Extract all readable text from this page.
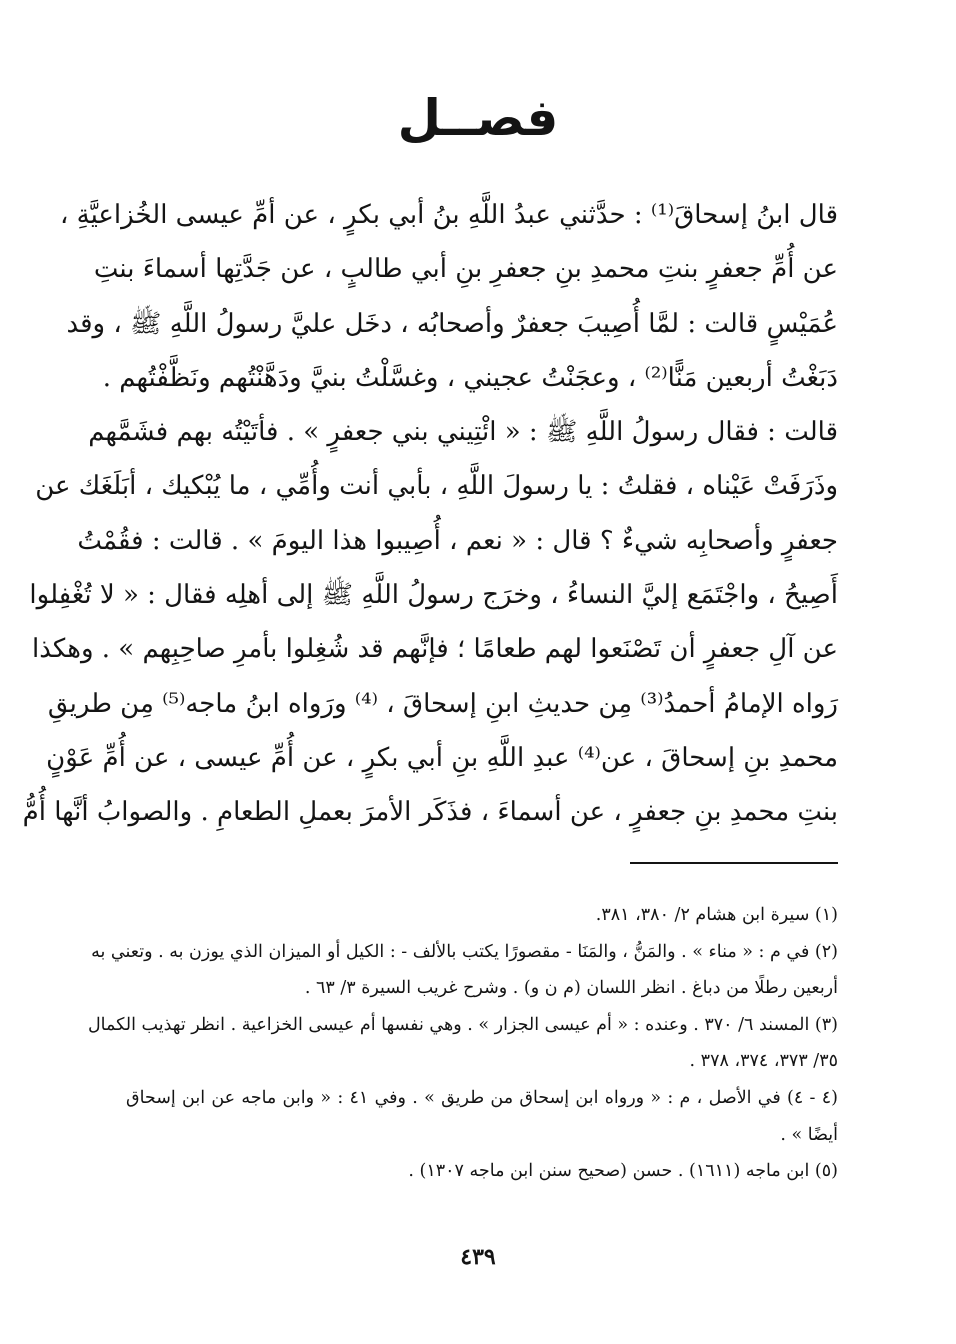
فصــل
قال ابنُ إسحاقَ⁽¹⁾ : حدَّثني عبدُ اللَّهِ بنُ أبي بكرٍ ، عن أمِّ عيسى الخُزاعيَّةِ ،
عن أُمِّ جعفرٍ بنتِ محمدِ بنِ جعفرِ بنِ أبي طالبٍ ، عن جَدَّتِها أسماءَ بنتِ
عُمَيْسٍ قالت : لمَّا أُصِيبَ جعفرٌ وأصحابُه ، دخَل عليَّ رسولُ اللَّهِ ﷺ ، وقد
دَبَغْتُ أربعين مَنًّا⁽²⁾ ، وعجَنْتُ عجيني ، وغسَّلْتُ بنيَّ ودَهَّنْتُهم ونَظَّفْتُهم .
قالت : فقال رسولُ اللَّهِ ﷺ : « ائْتِيني بني جعفرٍ » . فأتَيْتُه بهم فشَمَّهم
وذَرَفَتْ عَيْناه ، فقلتُ : يا رسولَ اللَّهِ ، بأبي أنت وأُمِّي ، ما يُبْكيك ، أبَلَغَك عن
جعفرٍ وأصحابِه شيءٌ ؟ قال : « نعم ، أُصِيبوا هذا اليومَ » . قالت : فقُمْتُ
أَصِيحُ ، واجْتَمَع إليَّ النساءُ ، وخرَج رسولُ اللَّهِ ﷺ إلى أهلِه فقال : « لا تُغْفِلوا
عن آلِ جعفرٍ أن تَصْنَعوا لهم طعامًا ؛ فإنَّهم قد شُغِلوا بأمرِ صاحِبِهم » . وهكذا
رَواه الإمامُ أحمدُ⁽³⁾ مِن حديثِ ابنِ إسحاقَ ، ⁽⁴⁾ ورَواه ابنُ ماجه⁽⁵⁾ مِن طريقِ
محمدِ بنِ إسحاقَ ، عن⁽⁴⁾ عبدِ اللَّهِ بنِ أبي بكرٍ ، عن أُمِّ عيسى ، عن أُمِّ عَوْنٍ
بنتِ محمدِ بنِ جعفرٍ ، عن أسماءَ ، فذَكَر الأمرَ بعملِ الطعامِ . والصوابُ أنَّها أُمُّ
(١) سيرة ابن هشام ٢/ ٣٨٠، ٣٨١.
(٢) في م : « مناء » . والمَنُّ ، والمَنَا - مقصورًا يكتب بالألف - : الكيل أو الميزان الذي يوزن به . وتعني به
أربعين رطلًا من دباغ . انظر اللسان (م ن و) . وشرح غريب السيرة ٣/ ٦٣ .
(٣) المسند ٦/ ٣٧٠ . وعنده : « أم عيسى الجزار » . وهي نفسها أم عيسى الخزاعية . انظر تهذيب الكمال
٣٥/ ٣٧٣، ٣٧٤، ٣٧٨ .
(٤ - ٤) في الأصل ، م : « ورواه ابن إسحاق من طريق » . وفي ٤١ : « وابن ماجه عن ابن إسحاق
أيضًا » .
(٥) ابن ماجه (١٦١١) . حسن (صحيح سنن ابن ماجه ١٣٠٧) .
٤٣٩
